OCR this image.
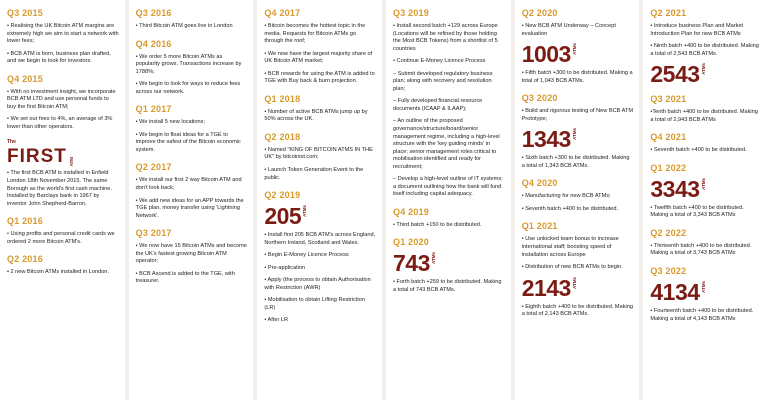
Q3 2015
• Realising the UK Bitcoin ATM margins are extremely high we aim to start a network with lower fees;
• BCB ATM is born, business plan drafted, and we begin to look for investors.
Q4 2015
• With no investment insight, we incorporate BCB ATM LTD and use personal funds to buy the first Bitcoin ATM;
• We set our fees to 4%, an average of 3% lower than other operators.
The
FIRST ATM
• The first BCB ATM is installed in Enfield London 18th November 2015. The same Borough as the world's first cash machine. Installed by Barclays bank in 1967 by inventor John Shepherd-Barron.
Q1 2016
• Using profits and personal credit cards we ordered 2 more Bitcoin ATM's.
Q2 2016
• 2 new Bitcoin ATMs installed in London.
Q3 2016
• Third Bitcoin ATM goes live in London
Q4 2016
• We order 5 more Bitcoin ATMs as popularity grows. Transactions increase by 1788%;
• We begin to look for ways to reduce fees across our network.
Q1 2017
• We install 5 new locations;
• We begin to float ideas for a TGE to improve the safest of the Bitcoin economic system.
Q2 2017
• We install our first 2 way Bitcoin ATM and don't look back;
• We add new ideas for an APP towards the TGE plan, money transfer using 'Lightning Network'.
Q3 2017
• We now have 15 Bitcoin ATMs and become the UK's fastest growing Bitcoin ATM operator;
• BCB Ascend is added to the TGE, with treasurer.
Q4 2017
• Bitcoin becomes the hottest topic in the media. Requests for Bitcoin ATMs go through the roof;
• We now have the largest majority share of UK Bitcoin ATM market;
• BCB rewards for using the ATM is added to TGE with Buy back & burn projection.
Q1 2018
• Number of active BCB ATMs jump up by 50% across the UK.
Q2 2018
• Named "KING OF BITCOIN ATMS IN THE UK" by bitcoinist.com;
• Launch Token Generation Event to the public.
Q2 2019
205 ATMs
• Install first 205 BCB ATM's across England, Northern Ireland, Scotland and Wales.
• Begin E-Money Licence Process
• Pre-application
• Apply (the process to obtain Authorisation with Restriction (AWR)
• Mobilisation to obtain Lifting Restriction (LR)
• After LR
Q3 2019
• Install second batch +129 across Europe (Locations will be refined by those holding the Most BCB Tokens) from a shortlist of 5 countries
• Continue E-Money Licence Process
– Submit developed regulatory business plan; along with recovery and resolution plan;
– Fully developed financial resource documents (ICAAP & ILAAP);
– An outline of the proposed governance/structure/board/senior management regime, including a high-level structure with the 'key guiding minds' in place; senior management roles critical to mobilisation identified and ready for recruitment;
– Develop a high-level outline of IT systems; a document outlining how the bank will fund itself including capital adequacy.
Q4 2019
• Third batch +150 to be distributed.
Q1 2020
743 ATMs
• Forth batch +259 to be distributed. Making a total of 743 BCB ATMs.
Q2 2020
• New BCB ATM Underway – Concept evaluation
1003 ATMs
• Fifth batch +300 to be distributed. Making a total of 1,043 BCB ATMs.
Q3 2020
• Build and rigorous testing of New BCB ATM Prototype;
1343 ATMs
• Sixth batch +300 to be distributed. Making a total of 1,343 BCB ATMs.
Q4 2020
• Manufacturing for new BCB ATMs;
• Seventh batch +400 to be distributed.
Q1 2021
• Use unlocked team bonus to increase international staff; boosting speed of installation across Europe
• Distribution of new BCB ATMs to begin.
2143 ATMs
• Eighth batch +400 to be distributed. Making a total of 2,143 BCB ATMs.
Q2 2021
• Introduce business Plan and Market Introduction Plan for new BCB ATMs
• Ninth batch +400 to be distributed. Making a total of 2,543 BCB ATMs.
2543 ATMs
Q3 2021
•Tenth batch +400 to be distributed. Making a total of 2,943 BCB ATMs
Q4 2021
• Seventh batch +400 to be distributed.
Q1 2022
3343 ATMs
• Twelfth batch +400 to be distributed. Making a total of 3,343 BCB ATMs
Q2 2022
• Thirteenth batch +400 to be distributed. Making a total of 3,743 BCB ATMs
Q3 2022
4134 ATMs
• Fourteenth batch +400 to be distributed. Making a total of 4,143 BCB ATMs
